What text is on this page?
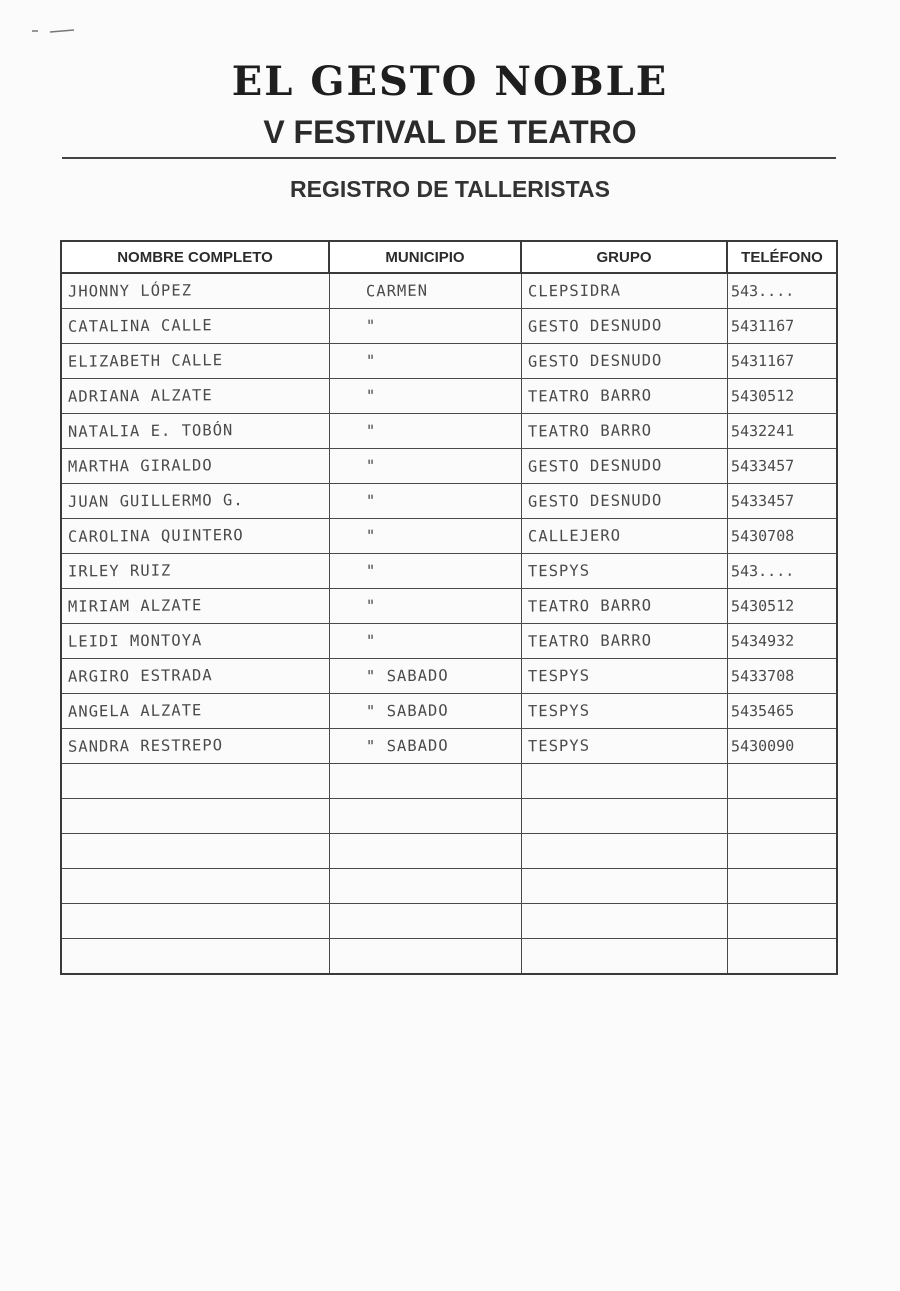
EL GESTO NOBLE
V FESTIVAL DE TEATRO
REGISTRO DE TALLERISTAS
NOMBRE COMPLETO	MUNICIPIO	GRUPO	TELÉFONO
JHONNY LÓPEZ	CARMEN	CLEPSIDRA	543....
CATALINA CALLE	"	GESTO DESNUDO	5431167
ELIZABETH CALLE	"	GESTO DESNUDO	5431167
ADRIANA ALZATE	"	TEATRO BARRO	5430512
NATALIA E. TOBÓN	"	TEATRO BARRO	5432241
MARTHA GIRALDO	"	GESTO DESNUDO	5433457
JUAN GUILLERMO G.	"	GESTO DESNUDO	5433457
CAROLINA QUINTERO	"	CALLEJERO	5430708
IRLEY RUIZ	"	TESPYS	543....
MIRIAM ALZATE	"	TEATRO BARRO	5430512
LEIDI MONTOYA	"	TEATRO BARRO	5434932
ARGIRO ESTRADA	" SABADO	TESPYS	5433708
ANGELA ALZATE	" SABADO	TESPYS	5435465
SANDRA RESTREPO	" SABADO	TESPYS	5430090
